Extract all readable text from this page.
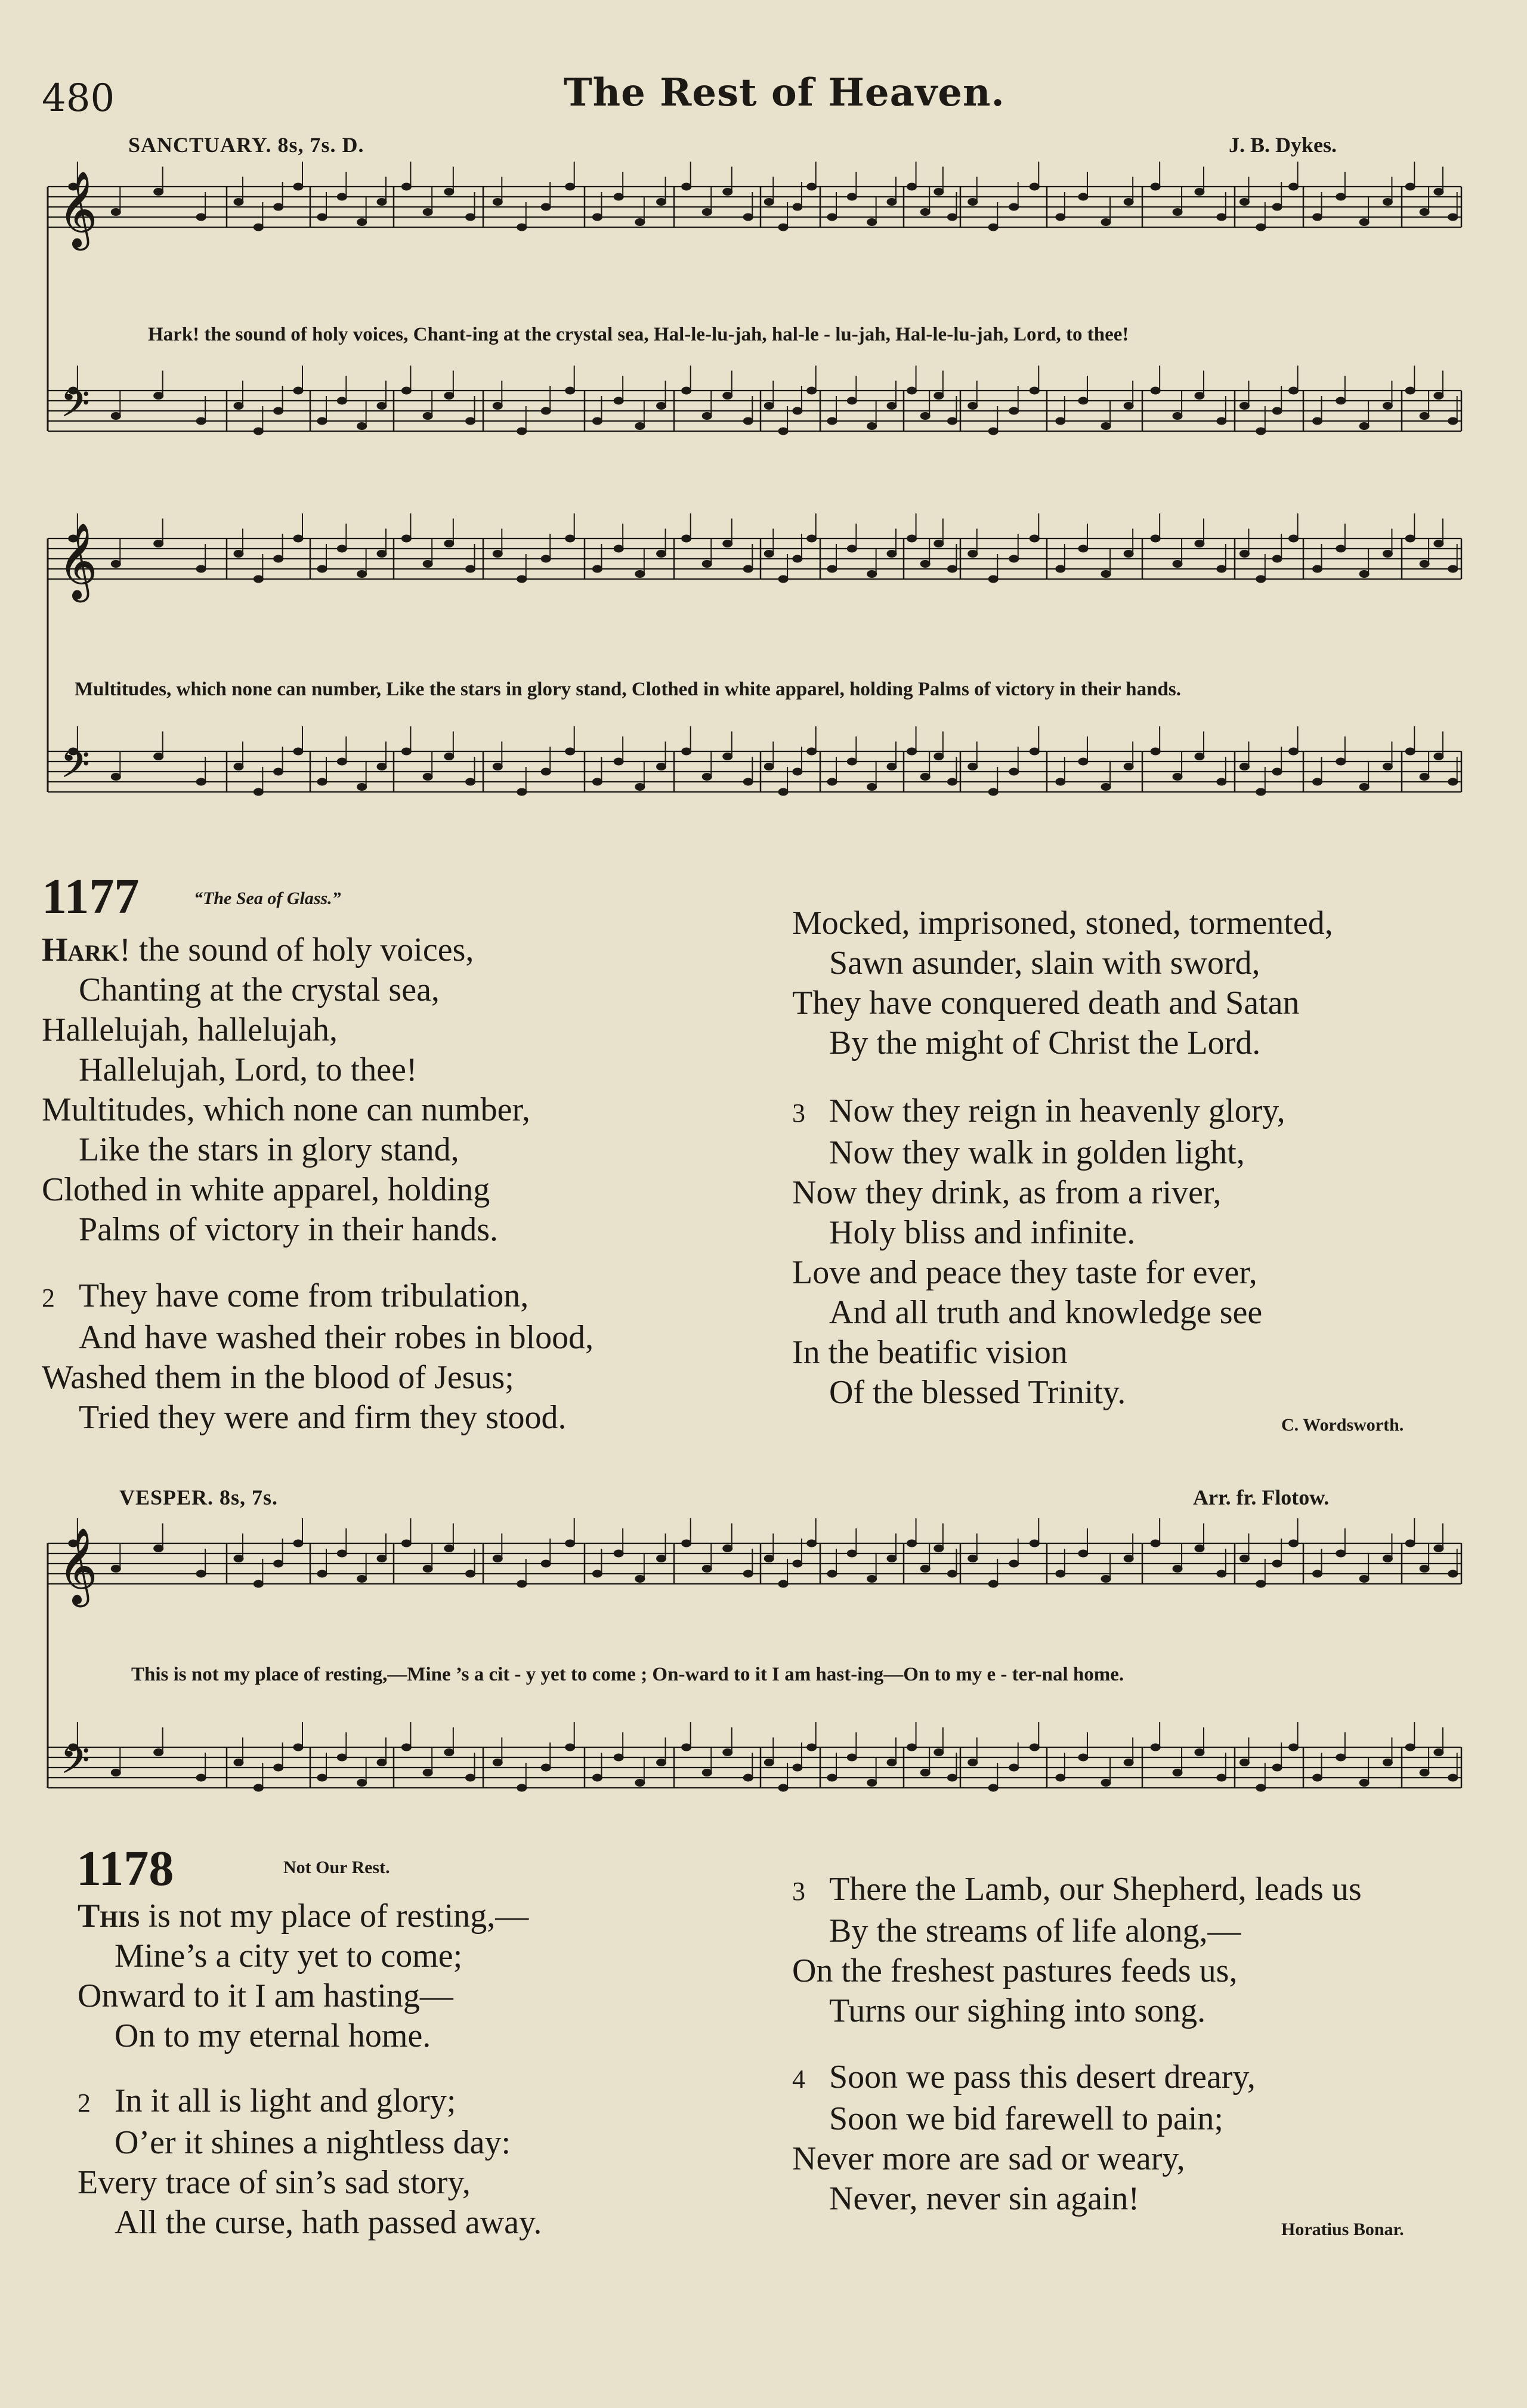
𝄞
𝄞
𝄞
𝄢
𝄢
𝄢
480	The Rest of Heaven.
SANCTUARY. 8s, 7s. D.	J. B. Dykes.
Hark! the sound of holy voices, Chant-ing at the crystal sea, Hal-le-lu-jah, hal-le - lu-jah, Hal-le-lu-jah, Lord, to thee!
Multitudes, which none can number, Like the stars in glory stand, Clothed in white apparel, holding Palms of victory in their hands.
1177	“The Sea of Glass.”
Hark! the sound of holy voices,
Chanting at the crystal sea,
Hallelujah, hallelujah,
Hallelujah, Lord, to thee!
Multitudes, which none can number,
Like the stars in glory stand,
Clothed in white apparel, holding
Palms of victory in their hands.
2 They have come from tribulation,
And have washed their robes in blood,
Washed them in the blood of Jesus;
Tried they were and firm they stood.
Mocked, imprisoned, stoned, tormented,
Sawn asunder, slain with sword,
They have conquered death and Satan
By the might of Christ the Lord.
3 Now they reign in heavenly glory,
Now they walk in golden light,
Now they drink, as from a river,
Holy bliss and infinite.
Love and peace they taste for ever,
And all truth and knowledge see
In the beatific vision
Of the blessed Trinity.
C. Wordsworth.
VESPER. 8s, 7s.	Arr. fr. Flotow.
This is not my place of resting,—Mine ’s a cit - y yet to come ; On-ward to it I am hast-ing—On to my e - ter-nal home.
1178	Not Our Rest.
This is not my place of resting,—
Mine’s a city yet to come;
Onward to it I am hasting—
On to my eternal home.
2 In it all is light and glory;
O’er it shines a nightless day:
Every trace of sin’s sad story,
All the curse, hath passed away.
3 There the Lamb, our Shepherd, leads us
By the streams of life along,—
On the freshest pastures feeds us,
Turns our sighing into song.
4 Soon we pass this desert dreary,
Soon we bid farewell to pain;
Never more are sad or weary,
Never, never sin again!
Horatius Bonar.
